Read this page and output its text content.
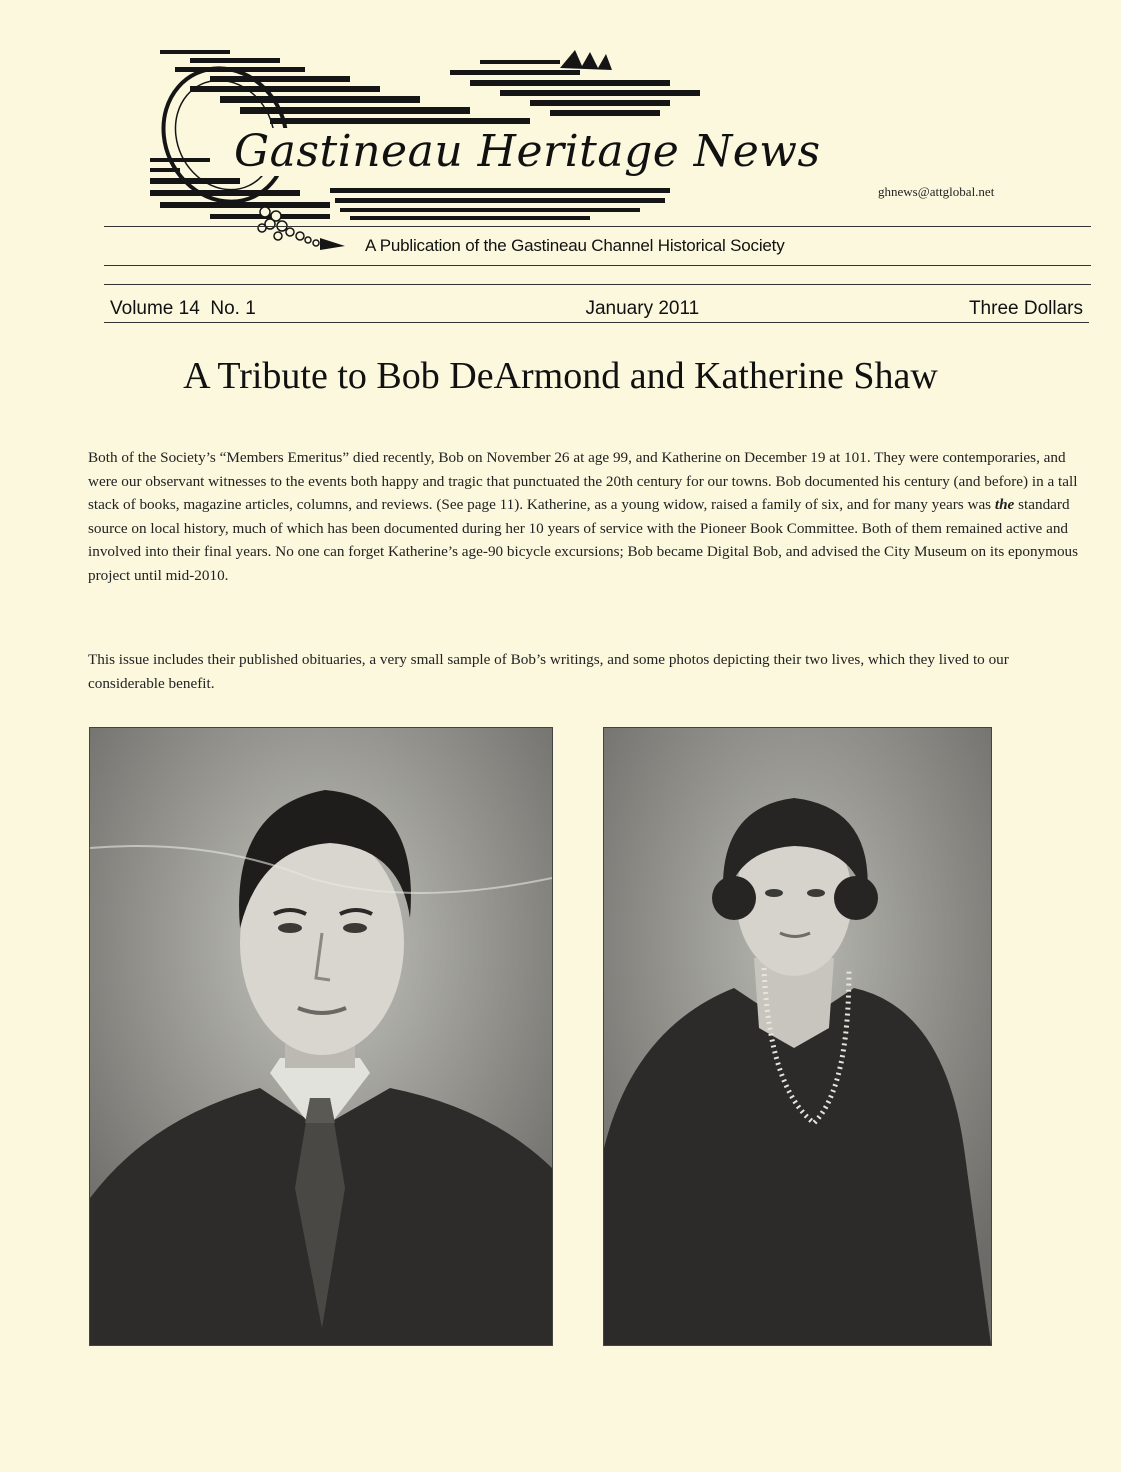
Gastineau Heritage News
ghnews@attglobal.net
A Publication of the Gastineau Channel Historical Society
Volume 14  No. 1	January 2011	Three Dollars
A Tribute to Bob DeArmond and Katherine Shaw

Both of the Society’s “Members Emeritus” died recently, Bob on November 26 at age 99, and Katherine on December 19 at 101. They were contemporaries, and were our observant witnesses to the events both happy and tragic that punctuated the 20th century for our towns. Bob documented his century (and before) in a tall stack of books, magazine articles, columns, and reviews. (See page 11). Katherine, as a young widow, raised a family of six, and for many years was the standard source on local history, much of which has been documented during her 10 years of service with the Pioneer Book Committee. Both of them remained active and involved into their final years. No one can forget Katherine’s age-90 bicycle excursions; Bob became Digital Bob, and advised the City Museum on its eponymous project until mid-2010.

This issue includes their published obituaries, a very small sample of Bob’s writings, and some photos depicting their two lives, which they lived to our considerable benefit.
